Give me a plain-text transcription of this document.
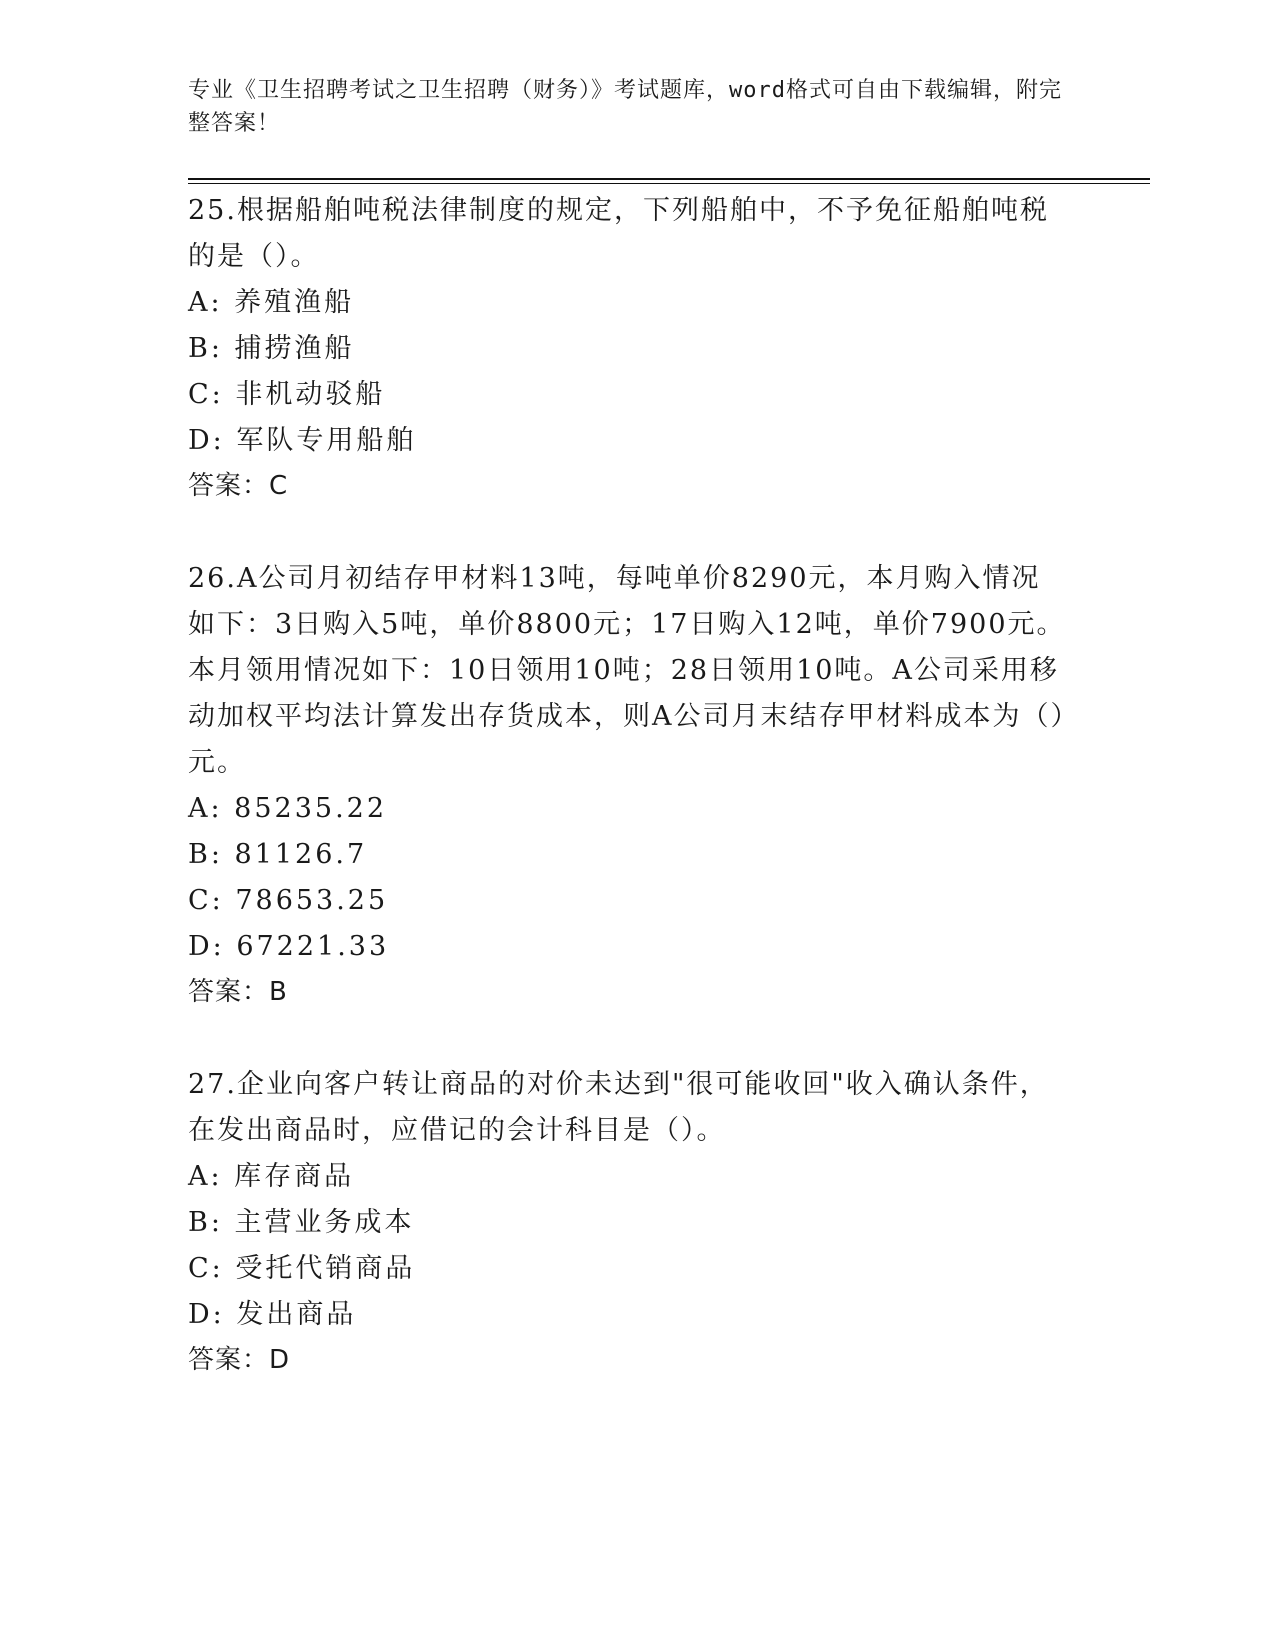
专业《卫生招聘考试之卫生招聘（财务）》考试题库，word格式可自由下载编辑，附完整答案！

25.根据船舶吨税法律制度的规定，下列船舶中，不予免征船舶吨税的是（）。

A: 养殖渔船

B: 捕捞渔船

C: 非机动驳船

D: 军队专用船舶

答案：C

26.A公司月初结存甲材料13吨，每吨单价8290元，本月购入情况如下：3日购入5吨，单价8800元；17日购入12吨，单价7900元。本月领用情况如下：10日领用10吨；28日领用10吨。A公司采用移动加权平均法计算发出存货成本，则A公司月末结存甲材料成本为（）元。

A: 85235.22

B: 81126.7

C: 78653.25

D: 67221.33

答案：B

27.企业向客户转让商品的对价未达到"很可能收回"收入确认条件，在发出商品时，应借记的会计科目是（）。

A: 库存商品

B: 主营业务成本

C: 受托代销商品

D: 发出商品

答案：D
